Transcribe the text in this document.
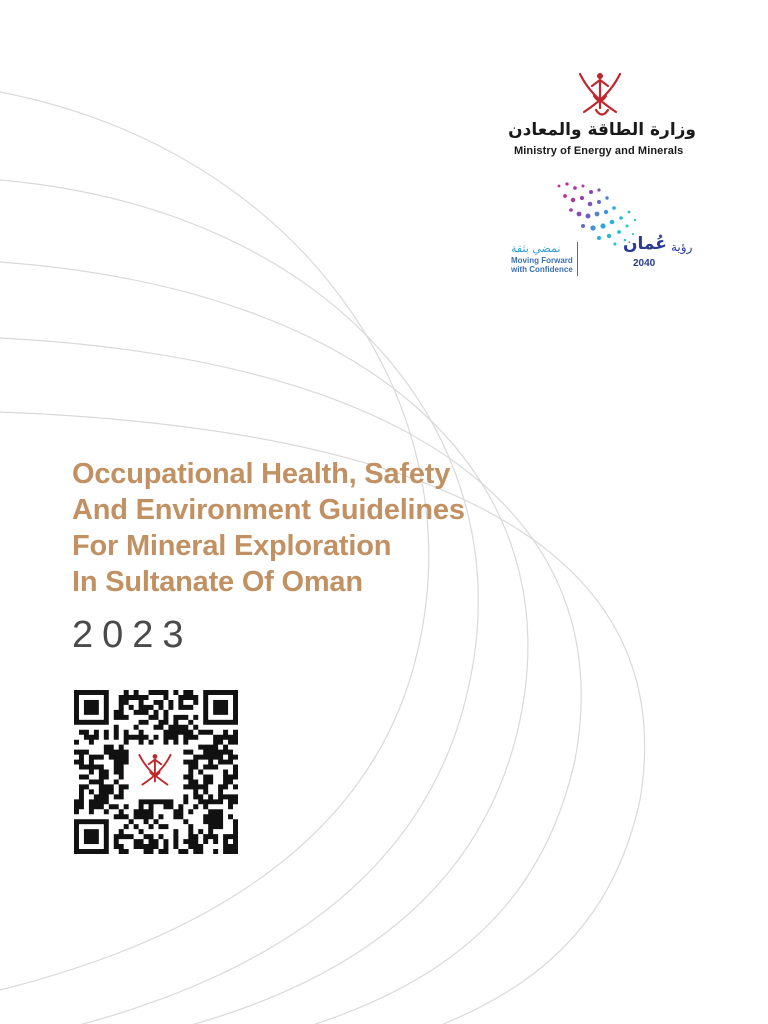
وزارة الطاقة والمعادن
Ministry of Energy and Minerals
نمضي بثقة
Moving Forward
with Confidence
عُمان رؤية
2040
Occupational Health, Safety
And Environment Guidelines
For Mineral Exploration
In Sultanate Of Oman
2023
